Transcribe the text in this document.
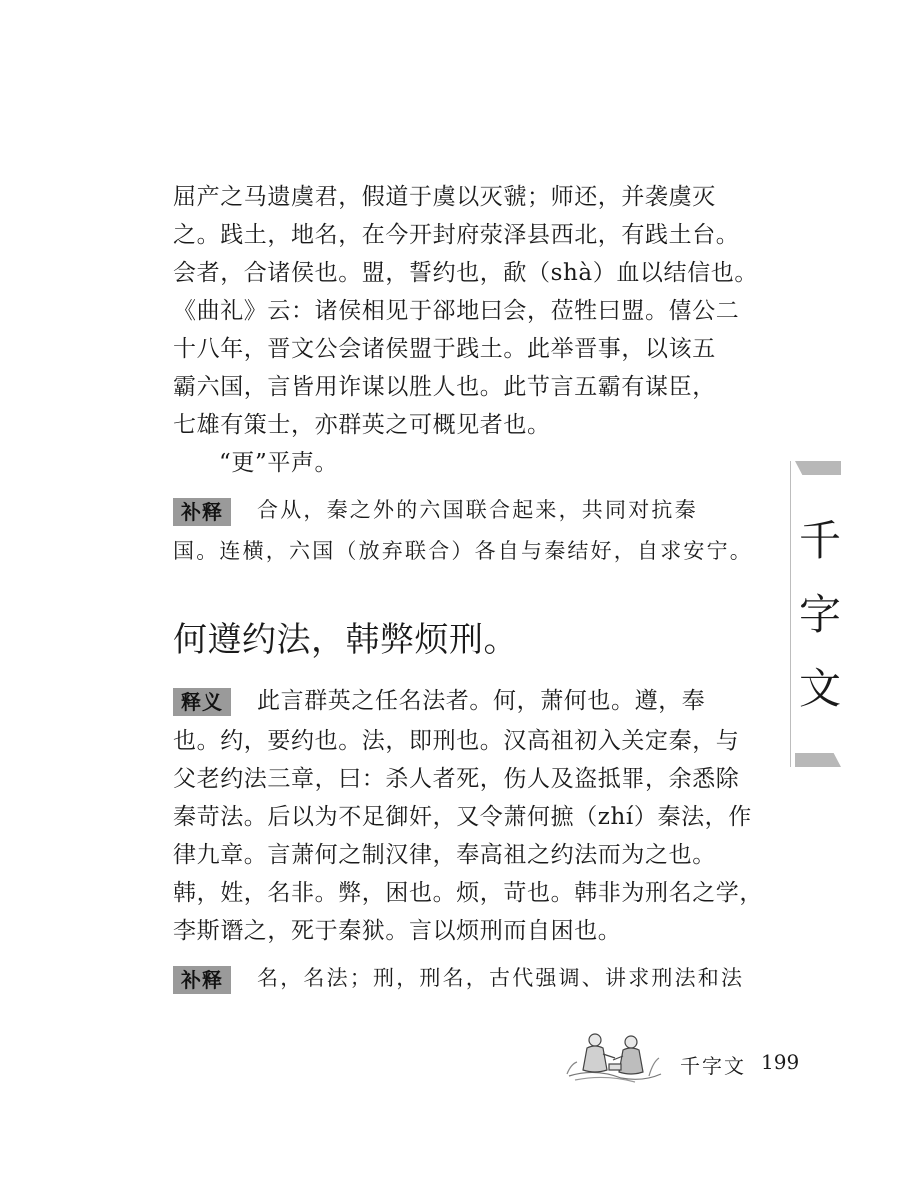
屈产之马遗虞君，假道于虞以灭虢；师还，并袭虞灭
之。践土，地名，在今开封府荥泽县西北，有践土台。
会者，合诸侯也。盟，誓约也，歃（shà）血以结信也。
《曲礼》云：诸侯相见于郤地曰会，莅牲曰盟。僖公二
十八年，晋文公会诸侯盟于践土。此举晋事，以该五
霸六国，言皆用诈谋以胜人也。此节言五霸有谋臣，
七雄有策士，亦群英之可概见者也。
“更”平声。
补释 合从，秦之外的六国联合起来，共同对抗秦
国。连横，六国（放弃联合）各自与秦结好，自求安宁。
何遵约法，韩弊烦刑。
释义 此言群英之任名法者。何，萧何也。遵，奉
也。约，要约也。法，即刑也。汉高祖初入关定秦，与
父老约法三章，曰：杀人者死，伤人及盗抵罪，余悉除
秦苛法。后以为不足御奸，又令萧何摭（zhí）秦法，作
律九章。言萧何之制汉律，奉高祖之约法而为之也。
韩，姓，名非。弊，困也。烦，苛也。韩非为刑名之学，
李斯谮之，死于秦狱。言以烦刑而自困也。
补释 名，名法；刑，刑名，古代强调、讲求刑法和法
千
字
文
千字文 199
